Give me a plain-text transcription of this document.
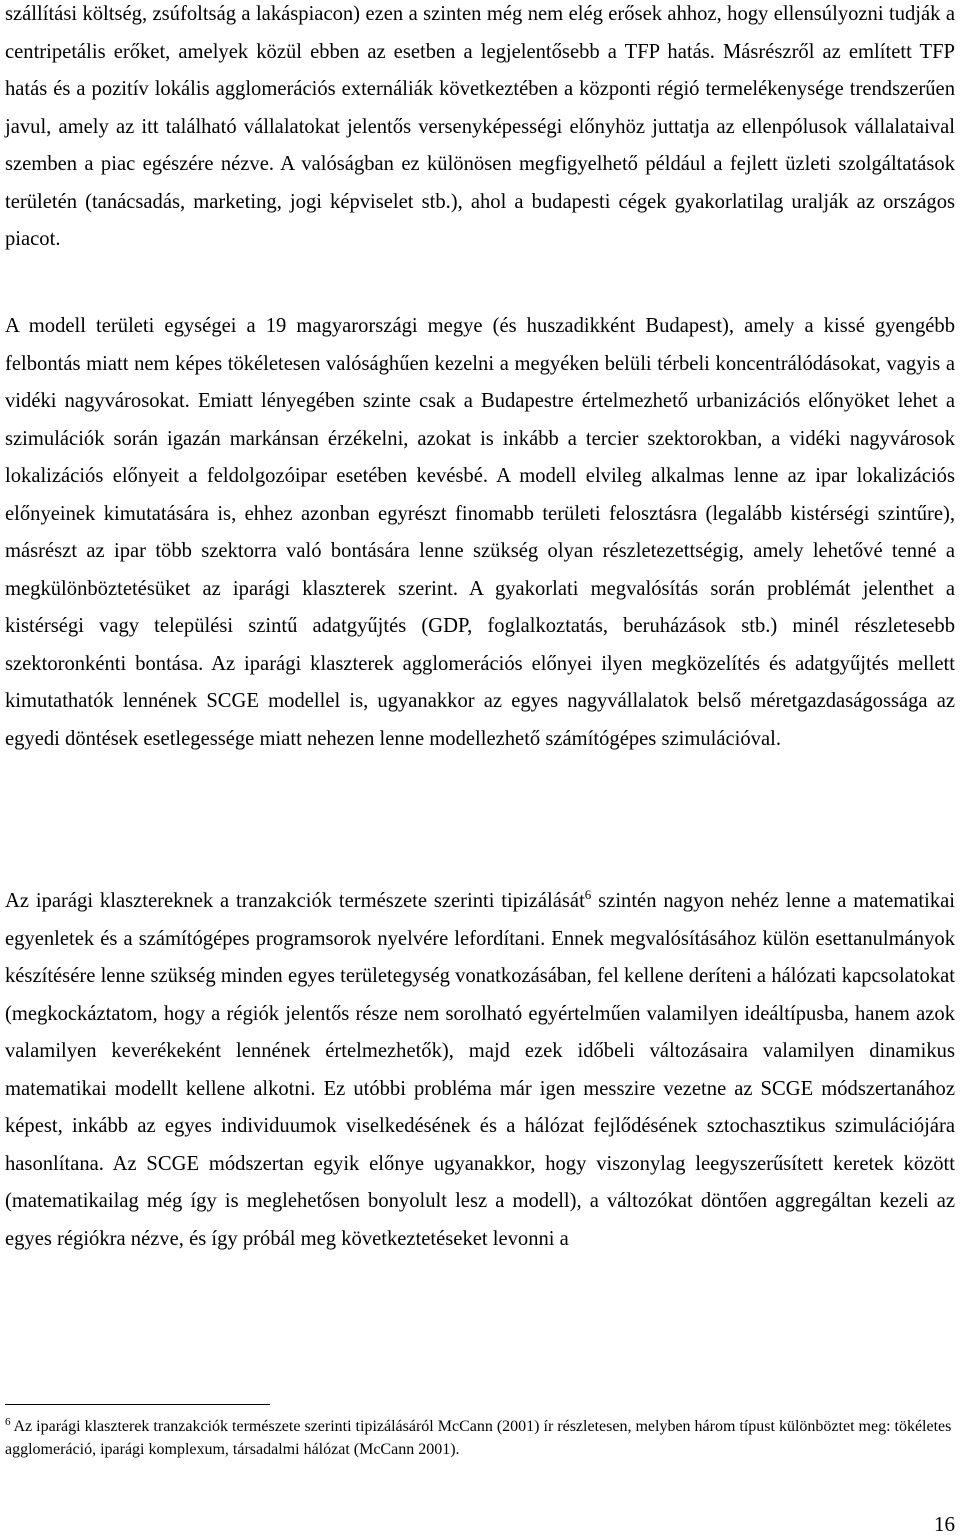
szállítási költség, zsúfoltság a lakáspiacon) ezen a szinten még nem elég erősek ahhoz, hogy ellensúlyozni tudják a centripetális erőket, amelyek közül ebben az esetben a legjelentősebb a TFP hatás. Másrészről az említett TFP hatás és a pozitív lokális agglomerációs externáliák következtében a központi régió termelékenysége trendszerűen javul, amely az itt található vállalatokat jelentős versenyképességi előnyhöz juttatja az ellenpólusok vállalataival szemben a piac egészére nézve. A valóságban ez különösen megfigyelhető például a fejlett üzleti szolgáltatások területén (tanácsadás, marketing, jogi képviselet stb.), ahol a budapesti cégek gyakorlatilag uralják az országos piacot.

A modell területi egységei a 19 magyarországi megye (és huszadikként Budapest), amely a kissé gyengébb felbontás miatt nem képes tökéletesen valósághűen kezelni a megyéken belüli térbeli koncentrálódásokat, vagyis a vidéki nagyvárosokat. Emiatt lényegében szinte csak a Budapestre értelmezhető urbanizációs előnyöket lehet a szimulációk során igazán markánsan érzékelni, azokat is inkább a tercier szektorokban, a vidéki nagyvárosok lokalizációs előnyeit a feldolgozóipar esetében kevésbé. A modell elvileg alkalmas lenne az ipar lokalizációs előnyeinek kimutatására is, ehhez azonban egyrészt finomabb területi felosztásra (legalább kistérségi szintűre), másrészt az ipar több szektorra való bontására lenne szükség olyan részletezettségig, amely lehetővé tenné a megkülönböztetésüket az iparági klaszterek szerint. A gyakorlati megvalósítás során problémát jelenthet a kistérségi vagy települési szintű adatgyűjtés (GDP, foglalkoztatás, beruházások stb.) minél részletesebb szektoronkénti bontása. Az iparági klaszterek agglomerációs előnyei ilyen megközelítés és adatgyűjtés mellett kimutathatók lennének SCGE modellel is, ugyanakkor az egyes nagyvállalatok belső méretgazdaságossága az egyedi döntések esetlegessége miatt nehezen lenne modellezhető számítógépes szimulációval.

Az iparági klasztereknek a tranzakciók természete szerinti tipizálását$^6$ szintén nagyon nehéz lenne a matematikai egyenletek és a számítógépes programsorok nyelvére lefordítani. Ennek megvalósításához külön esettanulmányok készítésére lenne szükség minden egyes területegység vonatkozásában, fel kellene deríteni a hálózati kapcsolatokat (megkockáztatom, hogy a régiók jelentős része nem sorolható egyértelműen valamilyen ideáltípusba, hanem azok valamilyen keverékeként lennének értelmezhetők), majd ezek időbeli változásaira valamilyen dinamikus matematikai modellt kellene alkotni. Ez utóbbi probléma már igen messzire vezetne az SCGE módszertanához képest, inkább az egyes individuumok viselkedésének és a hálózat fejlődésének sztochasztikus szimulációjára hasonlítana. Az SCGE módszertan egyik előnye ugyanakkor, hogy viszonylag leegyszerűsített keretek között (matematikailag még így is meglehetősen bonyolult lesz a modell), a változókat döntően aggregáltan kezeli az egyes régiókra nézve, és így próbál meg következtetéseket levonni a

$^6$ Az iparági klaszterek tranzakciók természete szerinti tipizálásáról McCann (2001) ír részletesen, melyben három típust különböztet meg: tökéletes agglomeráció, iparági komplexum, társadalmi hálózat (McCann 2001).

16
